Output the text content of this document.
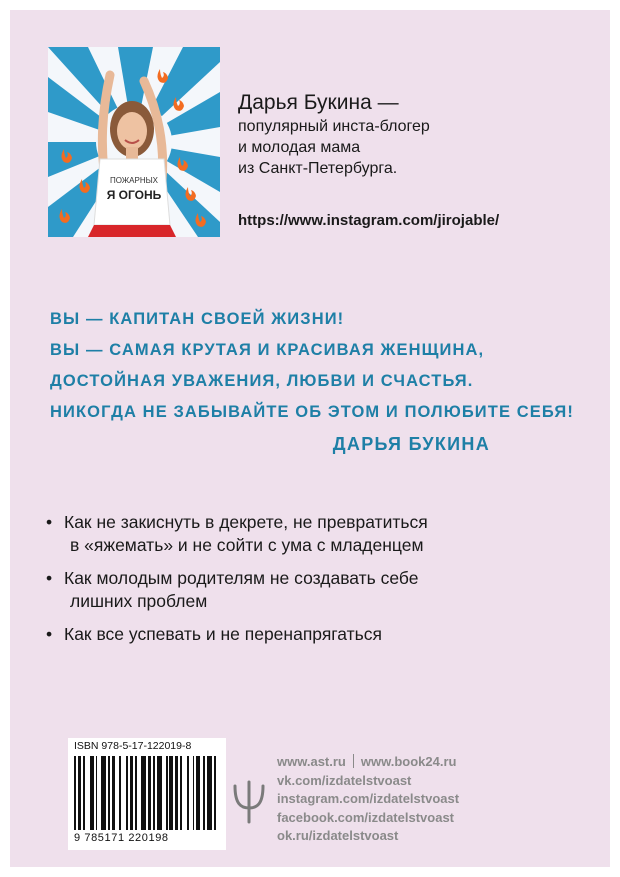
ПОЖАРНЫХ
Я ОГОНЬ
Дарья Букина —
популярный инста-блогер
и молодая мама
из Санкт-Петербурга.
https://www.instagram.com/jirojable/
ВЫ — КАПИТАН СВОЕЙ ЖИЗНИ!
ВЫ — САМАЯ КРУТАЯ И КРАСИВАЯ ЖЕНЩИНА,
ДОСТОЙНАЯ УВАЖЕНИЯ, ЛЮБВИ И СЧАСТЬЯ.
НИКОГДА НЕ ЗАБЫВАЙТЕ ОБ ЭТОМ И ПОЛЮБИТЕ СЕБЯ!
ДАРЬЯ БУКИНА
• Как не закиснуть в декрете, не превратиться
в «яжемать» и не сойти с ума с младенцем
• Как молодым родителям не создавать себе
лишних проблем
• Как все успевать и не перенапрягаться
ISBN 978-5-17-122019-8
9 785171 220198
www.ast.ru www.book24.ru
vk.com/izdatelstvoast
instagram.com/izdatelstvoast
facebook.com/izdatelstvoast
ok.ru/izdatelstvoast
